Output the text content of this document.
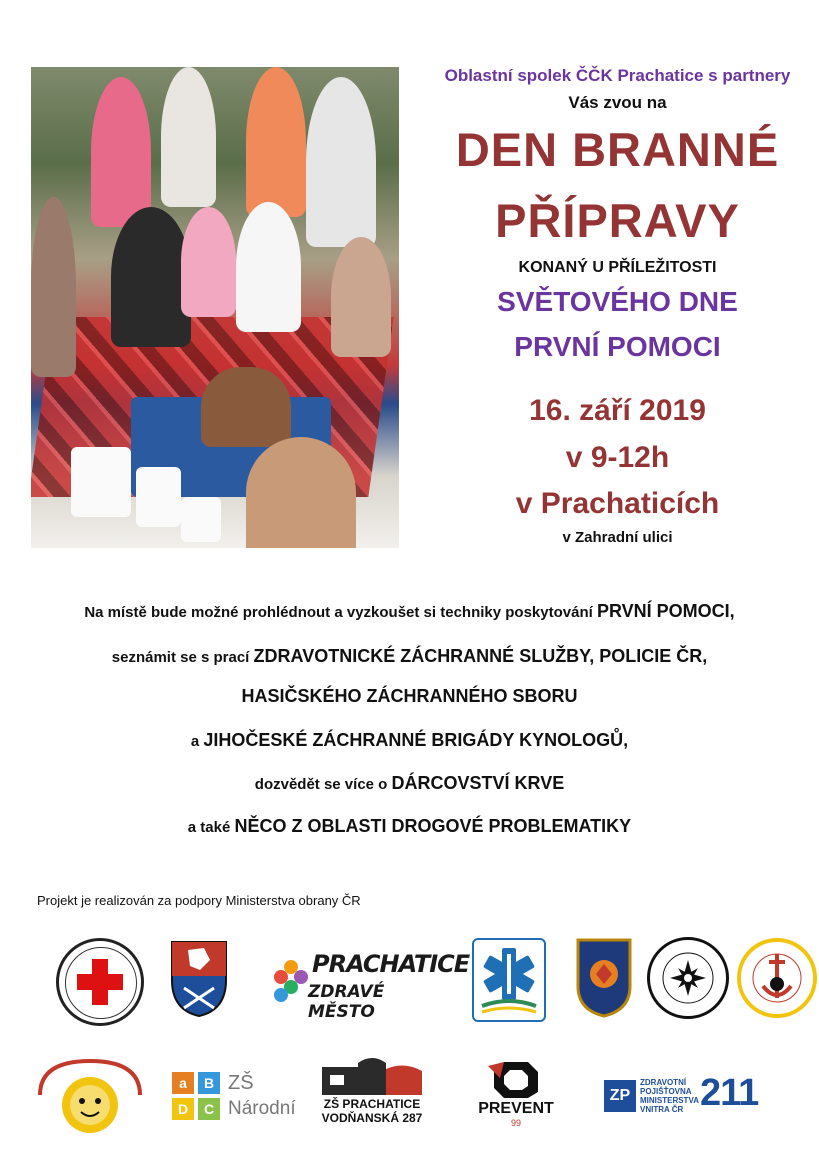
Oblastní spolek ČČK Prachatice s partnery
Vás zvou na
DEN BRANNÉ
PŘÍPRAVY
KONANÝ U PŘÍLEŽITOSTI
SVĚTOVÉHO DNE
PRVNÍ POMOCI
16. září 2019
v 9-12h
v Prachaticích
v Zahradní ulici
Na místě bude možné prohlédnout a vyzkoušet si techniky poskytování PRVNÍ POMOCI,
seznámit se s prací ZDRAVOTNICKÉ ZÁCHRANNÉ SLUŽBY, POLICIE ČR,
HASIČSKÉHO ZÁCHRANNÉHO SBORU
a JIHOČESKÉ ZÁCHRANNÉ BRIGÁDY KYNOLOGŮ,
dozvědět se více o DÁRCOVSTVÍ KRVE
a také NĚCO Z OBLASTI DROGOVÉ PROBLEMATIKY
Projekt je realizován za podpory Ministerstva obrany ČR
PRACHATICE
ZDRAVÉ MĚSTO
a	B
D	C
ZŠ
Národní	ZŠ PRACHATICE
VODŇANSKÁ 287
PREVENT
99
ZP
ZDRAVOTNÍ
POJIŠŤOVNA
MINISTERSTVA
VNITRA ČR 211
